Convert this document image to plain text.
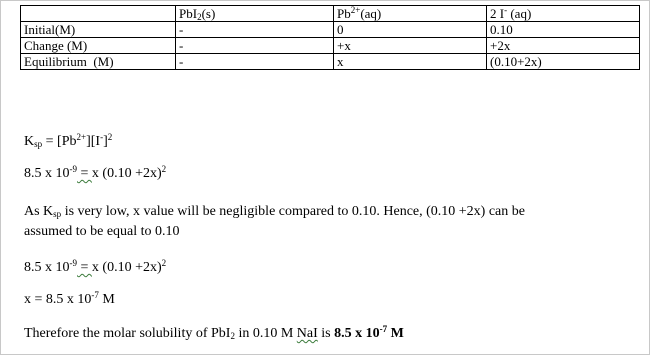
	PbI$_2$(s)	$Pb^{2+}(aq)$	2 I- (aq)
Initial(M)	-	0	0.10
Change (M)	-	+x	+2x
Equilibrium  (M)	-	x	(0.10+2x)
$K_{sp} = [Pb^{2+}][I^-]^2$
8.5 x $10^{-9} = x$ $(0.10 +2x)^2$
As $K_{sp}$ is very low, x value will be negligible compared to 0.10. Hence, (0.10 +2x) can be
assumed to be equal to 0.10
8.5 x $10^{-9} = x$ $(0.10 +2x)^2$
x = 8.5 x $10^{-7}$ M
Therefore the molar solubility of PbI$_2$ in 0.10 M NaI is 8.5 x $10^{-7}$ M
